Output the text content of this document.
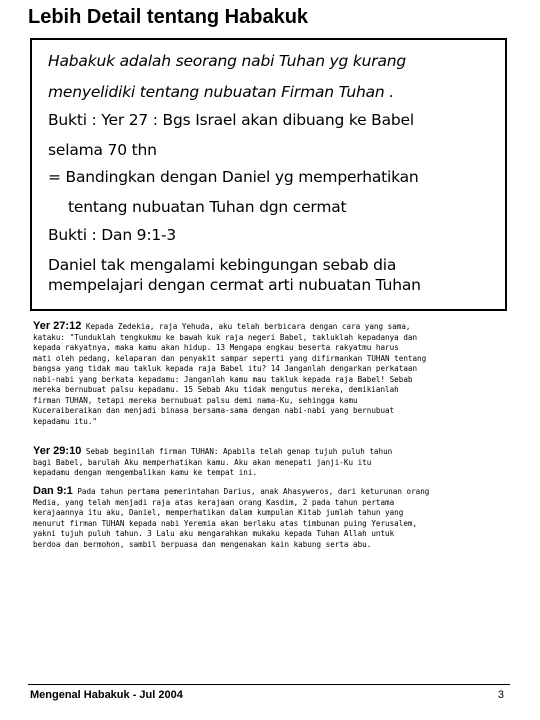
Lebih Detail tentang Habakuk

Habakuk adalah seorang nabi Tuhan yg kurang

menyelidiki tentang nubuatan Firman Tuhan .

Bukti : Yer 27 : Bgs Israel akan dibuang ke Babel

selama 70 thn

= Bandingkan dengan Daniel yg memperhatikan

tentang nubuatan Tuhan dgn cermat

Bukti : Dan 9:1-3

Daniel tak mengalami kebingungan sebab dia

mempelajari dengan cermat arti nubuatan Tuhan

Yer 27:12 Kepada Zedekia, raja Yehuda, aku telah berbicara dengan cara yang sama,
kataku: "Tunduklah tengkukmu ke bawah kuk raja negeri Babel, takluklah kepadanya dan
kepada rakyatnya, maka kamu akan hidup. 13 Mengapa engkau beserta rakyatmu harus
mati oleh pedang, kelaparan dan penyakit sampar seperti yang difirmankan TUHAN tentang
bangsa yang tidak mau takluk kepada raja Babel itu? 14 Janganlah dengarkan perkataan
nabi-nabi yang berkata kepadamu: Janganlah kamu mau takluk kepada raja Babel! Sebab
mereka bernubuat palsu kepadamu. 15 Sebab Aku tidak mengutus mereka, demikianlah
firman TUHAN, tetapi mereka bernubuat palsu demi nama-Ku, sehingga kamu
Kuceraiberaikan dan menjadi binasa bersama-sama dengan nabi-nabi yang bernubuat
kepadamu itu."
Yer 29:10 Sebab beginilah firman TUHAN: Apabila telah genap tujuh puluh tahun
bagi Babel, barulah Aku memperhatikan kamu. Aku akan menepati janji-Ku itu
kepadamu dengan mengembalikan kamu ke tempat ini.
Dan 9:1 Pada tahun pertama pemerintahan Darius, anak Ahasyweros, dari keturunan orang
Media, yang telah menjadi raja atas kerajaan orang Kasdim, 2 pada tahun pertama
kerajaannya itu aku, Daniel, memperhatikan dalam kumpulan Kitab jumlah tahun yang
menurut firman TUHAN kepada nabi Yeremia akan berlaku atas timbunan puing Yerusalem,
yakni tujuh puluh tahun. 3 Lalu aku mengarahkan mukaku kepada Tuhan Allah untuk
berdoa dan bermohon, sambil berpuasa dan mengenakan kain kabung serta abu.
Mengenal Habakuk - Jul 2004	3
